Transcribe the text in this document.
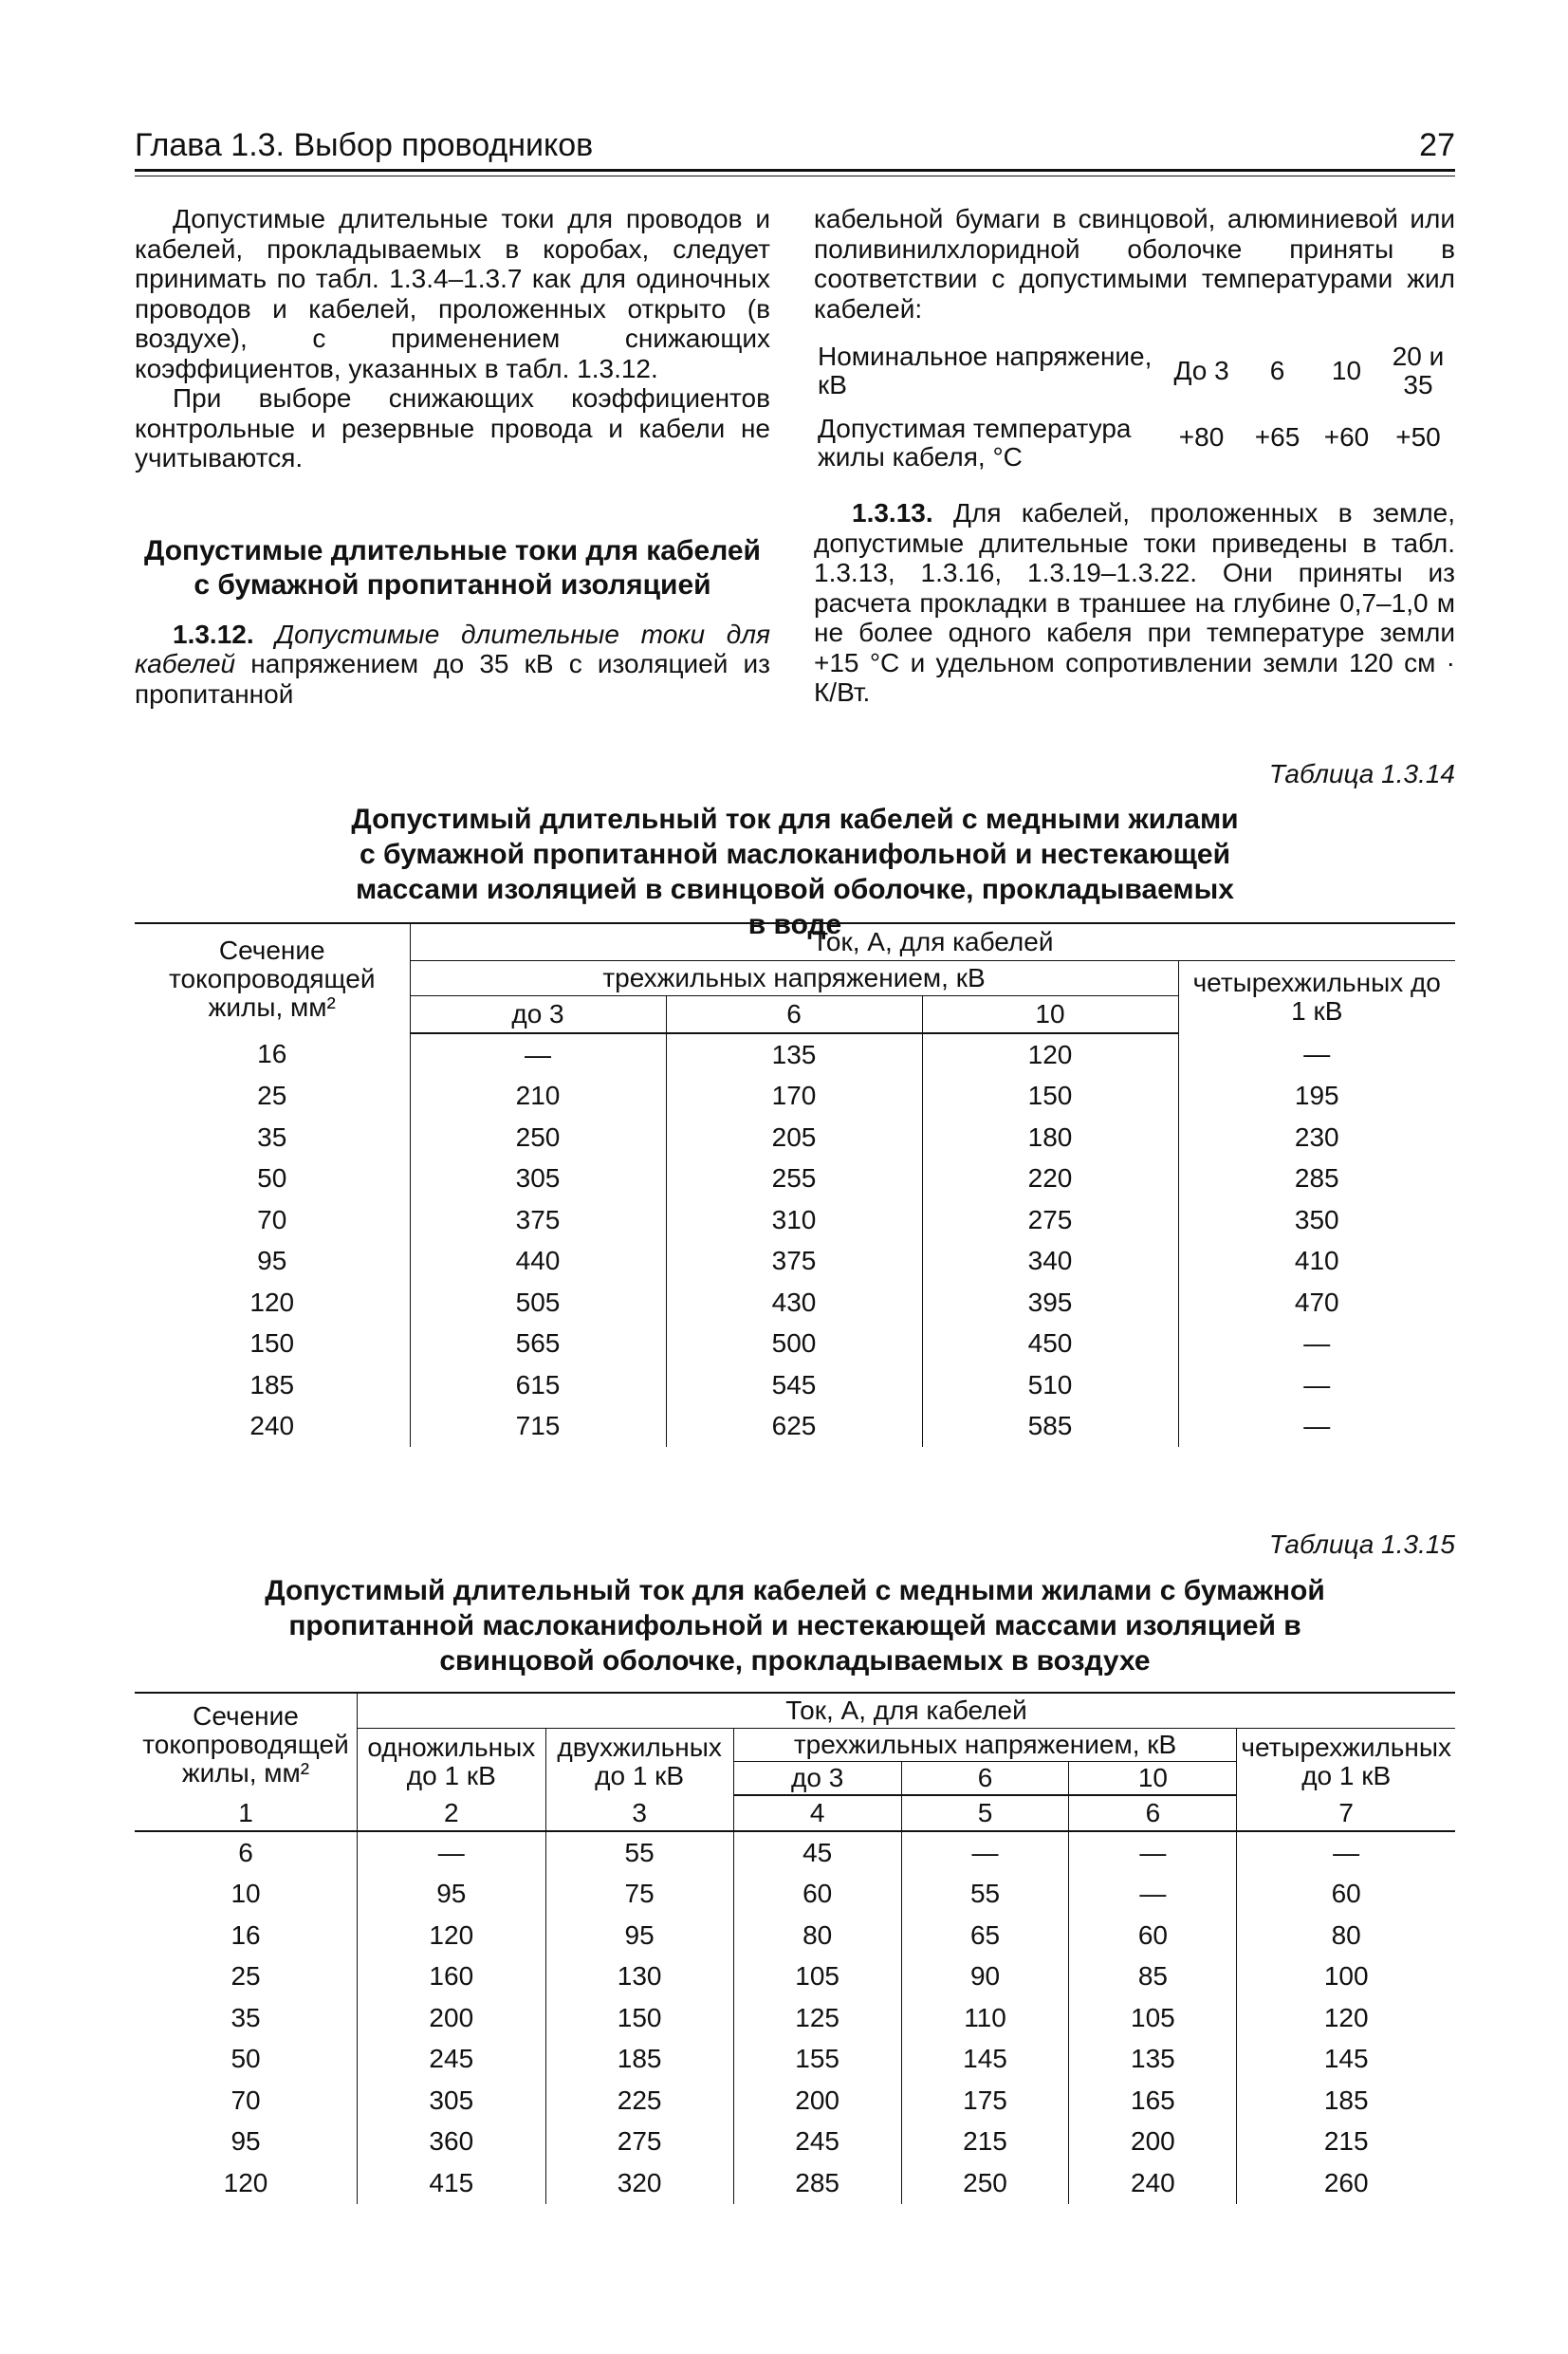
Глава 1.3. Выбор проводников	27

Допустимые длительные токи для проводов и кабелей, прокладываемых в коробах, следует принимать по табл. 1.3.4–1.3.7 как для одиночных проводов и кабелей, проложенных открыто (в воздухе), с применением снижающих коэффициентов, указанных в табл. 1.3.12.

При выборе снижающих коэффициентов контрольные и резервные провода и кабели не учитываются.

Допустимые длительные токи для кабелей с бумажной пропитанной изоляцией

1.3.12. Допустимые длительные токи для кабелей напряжением до 35 кВ с изоляцией из пропитанной

кабельной бумаги в свинцовой, алюминиевой или поливинилхлоридной оболочке приняты в соответствии с допустимыми температурами жил кабелей:

Номинальное напряжение, кВ	До 3	6	10	20 и 35
Допустимая температура жилы кабеля, °С	+80	+65	+60	+50

1.3.13. Для кабелей, проложенных в земле, допустимые длительные токи приведены в табл. 1.3.13, 1.3.16, 1.3.19–1.3.22. Они приняты из расчета прокладки в траншее на глубине 0,7–1,0 м не более одного кабеля при температуре земли +15 °С и удельном сопротивлении земли 120 см · К/Вт.

Таблица 1.3.14
Допустимый длительный ток для кабелей с медными жилами с бумажной пропитанной маслоканифольной и нестекающей массами изоляцией в свинцовой оболочке, прокладываемых в воде
Сечение токопроводящей жилы, мм²	Ток, А, для кабелей			
	трехжильных напряжением, кВ			четырехжильных до 1 кВ
	до 3	6	10	
16	—	135	120	—
25	210	170	150	195
35	250	205	180	230
50	305	255	220	285
70	375	310	275	350
95	440	375	340	410
120	505	430	395	470
150	565	500	450	—
185	615	545	510	—
240	715	625	585	—
Таблица 1.3.15
Допустимый длительный ток для кабелей с медными жилами с бумажной пропитанной маслоканифольной и нестекающей массами изоляцией в свинцовой оболочке, прокладываемых в воздухе
Сечение токопроводящей жилы, мм²	Ток, А, для кабелей					
	одножильных до 1 кВ	двухжильных до 1 кВ	трехжильных напряжением, кВ			четырехжильных до 1 кВ
			до 3	6	10	
1	2	3	4	5	6	7
6	—	55	45	—	—	—
10	95	75	60	55	—	60
16	120	95	80	65	60	80
25	160	130	105	90	85	100
35	200	150	125	110	105	120
50	245	185	155	145	135	145
70	305	225	200	175	165	185
95	360	275	245	215	200	215
120	415	320	285	250	240	260
